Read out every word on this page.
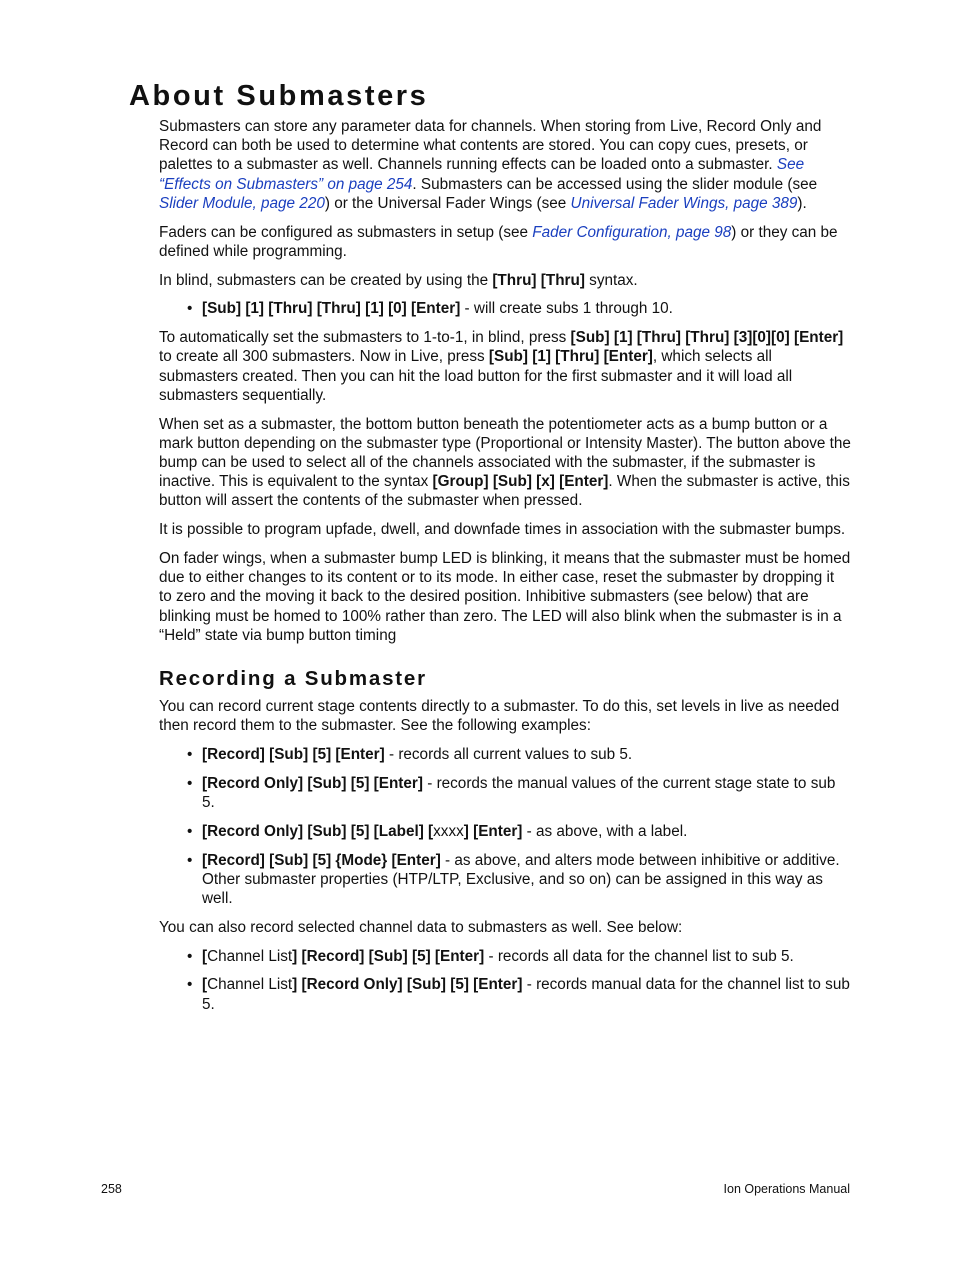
About Submasters

Submasters can store any parameter data for channels. When storing from Live, Record Only and Record can both be used to determine what contents are stored. You can copy cues, presets, or palettes to a submaster as well. Channels running effects can be loaded onto a submaster. See “Effects on Submasters” on page 254. Submasters can be accessed using the slider module (see Slider Module, page 220) or the Universal Fader Wings (see Universal Fader Wings, page 389).

Faders can be configured as submasters in setup (see Fader Configuration, page 98) or they can be defined while programming.

In blind, submasters can be created by using the [Thru] [Thru] syntax.

• [Sub] [1] [Thru] [Thru] [1] [0] [Enter] - will create subs 1 through 10.

To automatically set the submasters to 1-to-1, in blind, press [Sub] [1] [Thru] [Thru] [3][0][0] [Enter] to create all 300 submasters. Now in Live, press [Sub] [1] [Thru] [Enter], which selects all submasters created. Then you can hit the load button for the first submaster and it will load all submasters sequentially.

When set as a submaster, the bottom button beneath the potentiometer acts as a bump button or a mark button depending on the submaster type (Proportional or Intensity Master). The button above the bump can be used to select all of the channels associated with the submaster, if the submaster is inactive. This is equivalent to the syntax [Group] [Sub] [x] [Enter]. When the submaster is active, this button will assert the contents of the submaster when pressed.

It is possible to program upfade, dwell, and downfade times in association with the submaster bumps.

On fader wings, when a submaster bump LED is blinking, it means that the submaster must be homed due to either changes to its content or to its mode. In either case, reset the submaster by dropping it to zero and the moving it back to the desired position. Inhibitive submasters (see below) that are blinking must be homed to 100% rather than zero. The LED will also blink when the submaster is in a “Held” state via bump button timing

Recording a Submaster

You can record current stage contents directly to a submaster. To do this, set levels in live as needed then record them to the submaster. See the following examples:

• [Record] [Sub] [5] [Enter] - records all current values to sub 5.
• [Record Only] [Sub] [5] [Enter] - records the manual values of the current stage state to sub 5.
• [Record Only] [Sub] [5] [Label] [xxxx] [Enter] - as above, with a label.
• [Record] [Sub] [5] {Mode} [Enter] - as above, and alters mode between inhibitive or additive. Other submaster properties (HTP/LTP, Exclusive, and so on) can be assigned in this way as well.

You can also record selected channel data to submasters as well. See below:

• [Channel List] [Record] [Sub] [5] [Enter] - records all data for the channel list to sub 5.
• [Channel List] [Record Only] [Sub] [5] [Enter] - records manual data for the channel list to sub 5.
258	Ion Operations Manual
